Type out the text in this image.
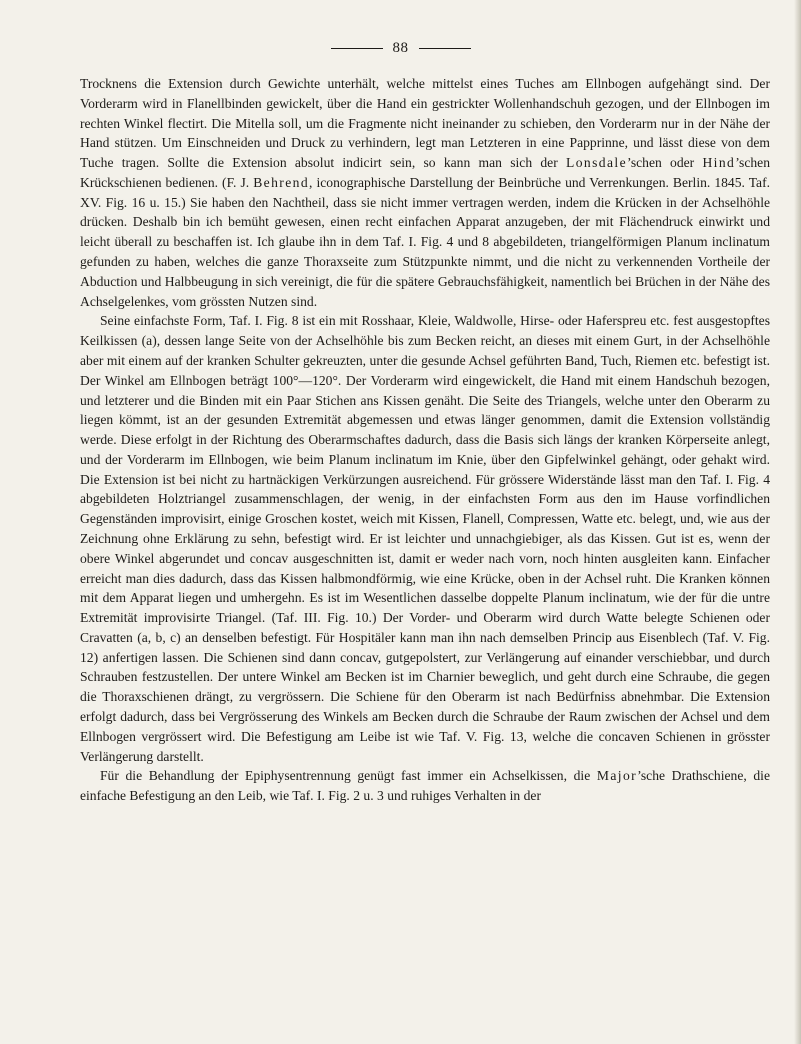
88

Trocknens die Extension durch Gewichte unterhält, welche mittelst eines Tuches am Ellnbogen aufgehängt sind. Der Vorderarm wird in Flanellbinden gewickelt, über die Hand ein gestrickter Wollenhandschuh gezogen, und der Ellnbogen im rechten Winkel flectirt. Die Mitella soll, um die Fragmente nicht ineinander zu schieben, den Vorderarm nur in der Nähe der Hand stützen. Um Einschneiden und Druck zu verhindern, legt man Letzteren in eine Papprinne, und lässt diese von dem Tuche tragen. Sollte die Extension absolut indicirt sein, so kann man sich der Lonsdale’schen oder Hind’schen Krückschienen bedienen. (F. J. Behrend, iconographische Darstellung der Beinbrüche und Verrenkungen. Berlin. 1845. Taf. XV. Fig. 16 u. 15.) Sie haben den Nachtheil, dass sie nicht immer vertragen werden, indem die Krücken in der Achselhöhle drücken. Deshalb bin ich bemüht gewesen, einen recht einfachen Apparat anzugeben, der mit Flächendruck einwirkt und leicht überall zu beschaffen ist. Ich glaube ihn in dem Taf. I. Fig. 4 und 8 abgebildeten, triangelförmigen Planum inclinatum gefunden zu haben, welches die ganze Thoraxseite zum Stützpunkte nimmt, und die nicht zu verkennenden Vortheile der Abduction und Halbbeugung in sich vereinigt, die für die spätere Gebrauchsfähigkeit, namentlich bei Brüchen in der Nähe des Achselgelenkes, vom grössten Nutzen sind.

Seine einfachste Form, Taf. I. Fig. 8 ist ein mit Rosshaar, Kleie, Waldwolle, Hirse- oder Haferspreu etc. fest ausgestopftes Keilkissen (a), dessen lange Seite von der Achselhöhle bis zum Becken reicht, an dieses mit einem Gurt, in der Achselhöhle aber mit einem auf der kranken Schulter gekreuzten, unter die gesunde Achsel geführten Band, Tuch, Riemen etc. befestigt ist. Der Winkel am Ellnbogen beträgt 100°—120°. Der Vorderarm wird eingewickelt, die Hand mit einem Handschuh bezogen, und letzterer und die Binden mit ein Paar Stichen ans Kissen genäht. Die Seite des Triangels, welche unter den Oberarm zu liegen kömmt, ist an der gesunden Extremität abgemessen und etwas länger genommen, damit die Extension vollständig werde. Diese erfolgt in der Richtung des Oberarmschaftes dadurch, dass die Basis sich längs der kranken Körperseite anlegt, und der Vorderarm im Ellnbogen, wie beim Planum inclinatum im Knie, über den Gipfelwinkel gehängt, oder gehakt wird. Die Extension ist bei nicht zu hartnäckigen Verkürzungen ausreichend. Für grössere Widerstände lässt man den Taf. I. Fig. 4 abgebildeten Holztriangel zusammenschlagen, der wenig, in der einfachsten Form aus den im Hause vorfindlichen Gegenständen improvisirt, einige Groschen kostet, weich mit Kissen, Flanell, Compressen, Watte etc. belegt, und, wie aus der Zeichnung ohne Erklärung zu sehn, befestigt wird. Er ist leichter und unnachgiebiger, als das Kissen. Gut ist es, wenn der obere Winkel abgerundet und concav ausgeschnitten ist, damit er weder nach vorn, noch hinten ausgleiten kann. Einfacher erreicht man dies dadurch, dass das Kissen halbmondförmig, wie eine Krücke, oben in der Achsel ruht. Die Kranken können mit dem Apparat liegen und umhergehn. Es ist im Wesentlichen dasselbe doppelte Planum inclinatum, wie der für die untre Extremität improvisirte Triangel. (Taf. III. Fig. 10.) Der Vorder- und Oberarm wird durch Watte belegte Schienen oder Cravatten (a, b, c) an denselben befestigt. Für Hospitäler kann man ihn nach demselben Princip aus Eisenblech (Taf. V. Fig. 12) anfertigen lassen. Die Schienen sind dann concav, gutgepolstert, zur Verlängerung auf einander verschiebbar, und durch Schrauben festzustellen. Der untere Winkel am Becken ist im Charnier beweglich, und geht durch eine Schraube, die gegen die Thoraxschienen drängt, zu vergrössern. Die Schiene für den Oberarm ist nach Bedürfniss abnehmbar. Die Extension erfolgt dadurch, dass bei Vergrösserung des Winkels am Becken durch die Schraube der Raum zwischen der Achsel und dem Ellnbogen vergrössert wird. Die Befestigung am Leibe ist wie Taf. V. Fig. 13, welche die concaven Schienen in grösster Verlängerung darstellt.

Für die Behandlung der Epiphysentrennung genügt fast immer ein Achselkissen, die Major’sche Drathschiene, die einfache Befestigung an den Leib, wie Taf. I. Fig. 2 u. 3 und ruhiges Verhalten in der
